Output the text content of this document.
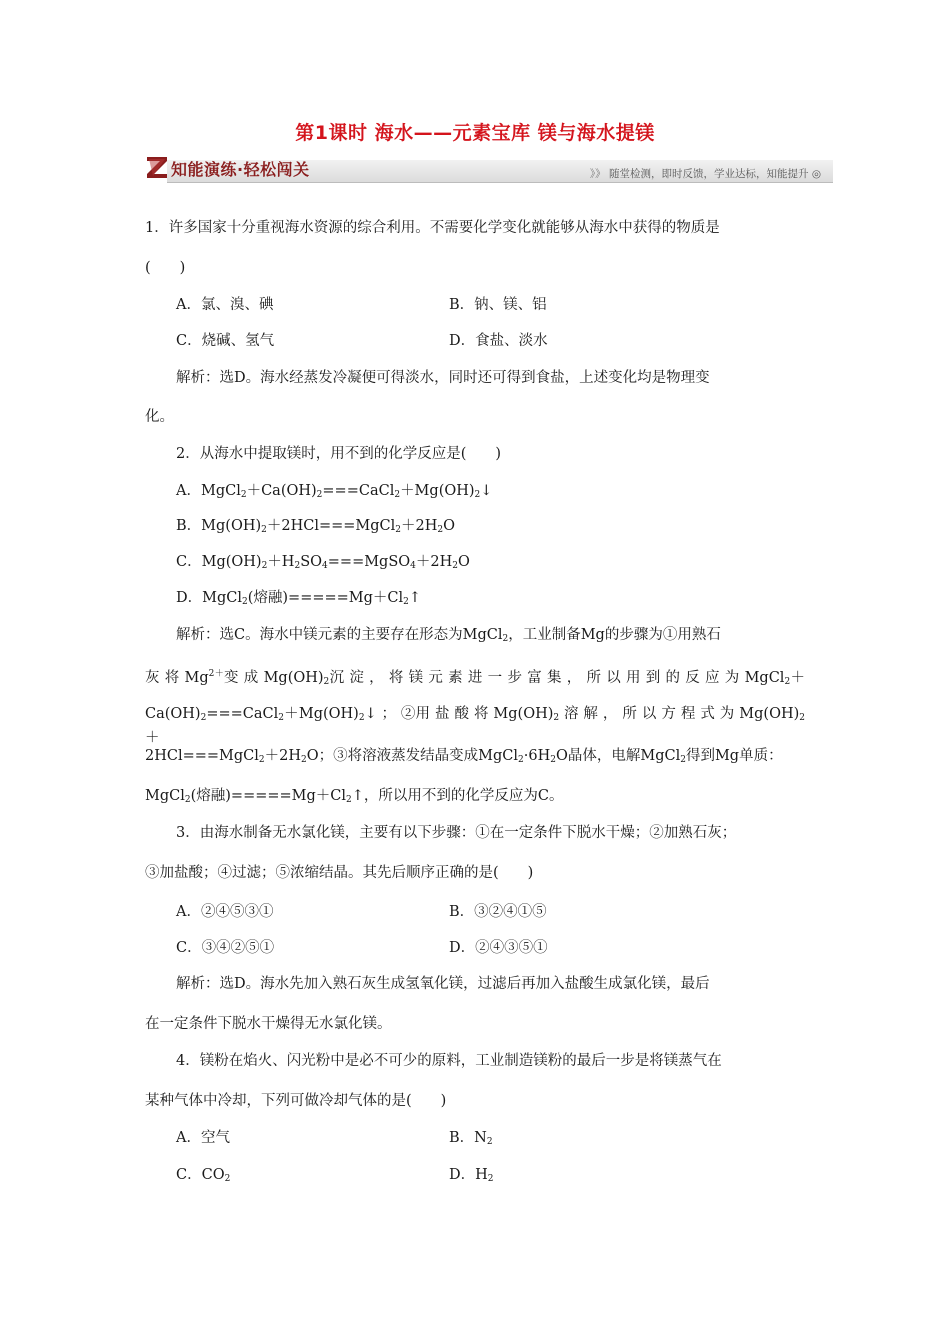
第1课时 海水——元素宝库 镁与海水提镁
知能演练·轻松闯关	》》 随堂检测，即时反馈，学业达标，知能提升 ◎
1．许多国家十分重视海水资源的综合利用。不需要化学变化就能够从海水中获得的物质是
(　　)
A．氯、溴、碘	B．钠、镁、铝
C．烧碱、氢气	D．食盐、淡水
解析：选D。海水经蒸发冷凝便可得淡水，同时还可得到食盐，上述变化均是物理变
化。
2．从海水中提取镁时，用不到的化学反应是(　　)
A．$MgCl_2+Ca(OH)_2===CaCl_2+Mg(OH)_2↓$
B．$Mg(OH)_2+2HCl===MgCl_2+2H_2O$
C．$Mg(OH)_2+H_2SO_4===MgSO_4+2H_2O$
D．MgCl$_2$(熔融)$=====Mg+Cl_2↑$
解析：选C。海水中镁元素的主要存在形态为MgCl$_2$，工业制备Mg的步骤为①用熟石
灰 将 $Mg^{2+}$变 成 $Mg(OH)_2$沉 淀 ， 将 镁 元 素 进 一 步 富 集 ， 所 以 用 到 的 反 应 为 MgCl$_2$＋
$Ca(OH)_2===CaCl_2+Mg(OH)_2↓$ ； ②用 盐 酸 将 $Mg(OH)_2$ 溶 解 ， 所 以 方 程 式 为 $Mg(OH)_2+$
$2HCl===MgCl_2+2H_2O$；③将溶液蒸发结晶变成$MgCl_2\cdot 6H_2O$晶体，电解MgCl$_2$得到Mg单质：
MgCl$_2$(熔融)$=====Mg+Cl_2↑$，所以用不到的化学反应为C。
3．由海水制备无水氯化镁，主要有以下步骤：①在一定条件下脱水干燥；②加熟石灰；
③加盐酸；④过滤；⑤浓缩结晶。其先后顺序正确的是(　　)
A．②④⑤③①	B．③②④①⑤
C．③④②⑤①	D．②④③⑤①
解析：选D。海水先加入熟石灰生成氢氧化镁，过滤后再加入盐酸生成氯化镁，最后
在一定条件下脱水干燥得无水氯化镁。
4．镁粉在焰火、闪光粉中是必不可少的原料，工业制造镁粉的最后一步是将镁蒸气在
某种气体中冷却，下列可做冷却气体的是(　　)
A．空气	B．$N_2$
C．$CO_2$	D．$H_2$
